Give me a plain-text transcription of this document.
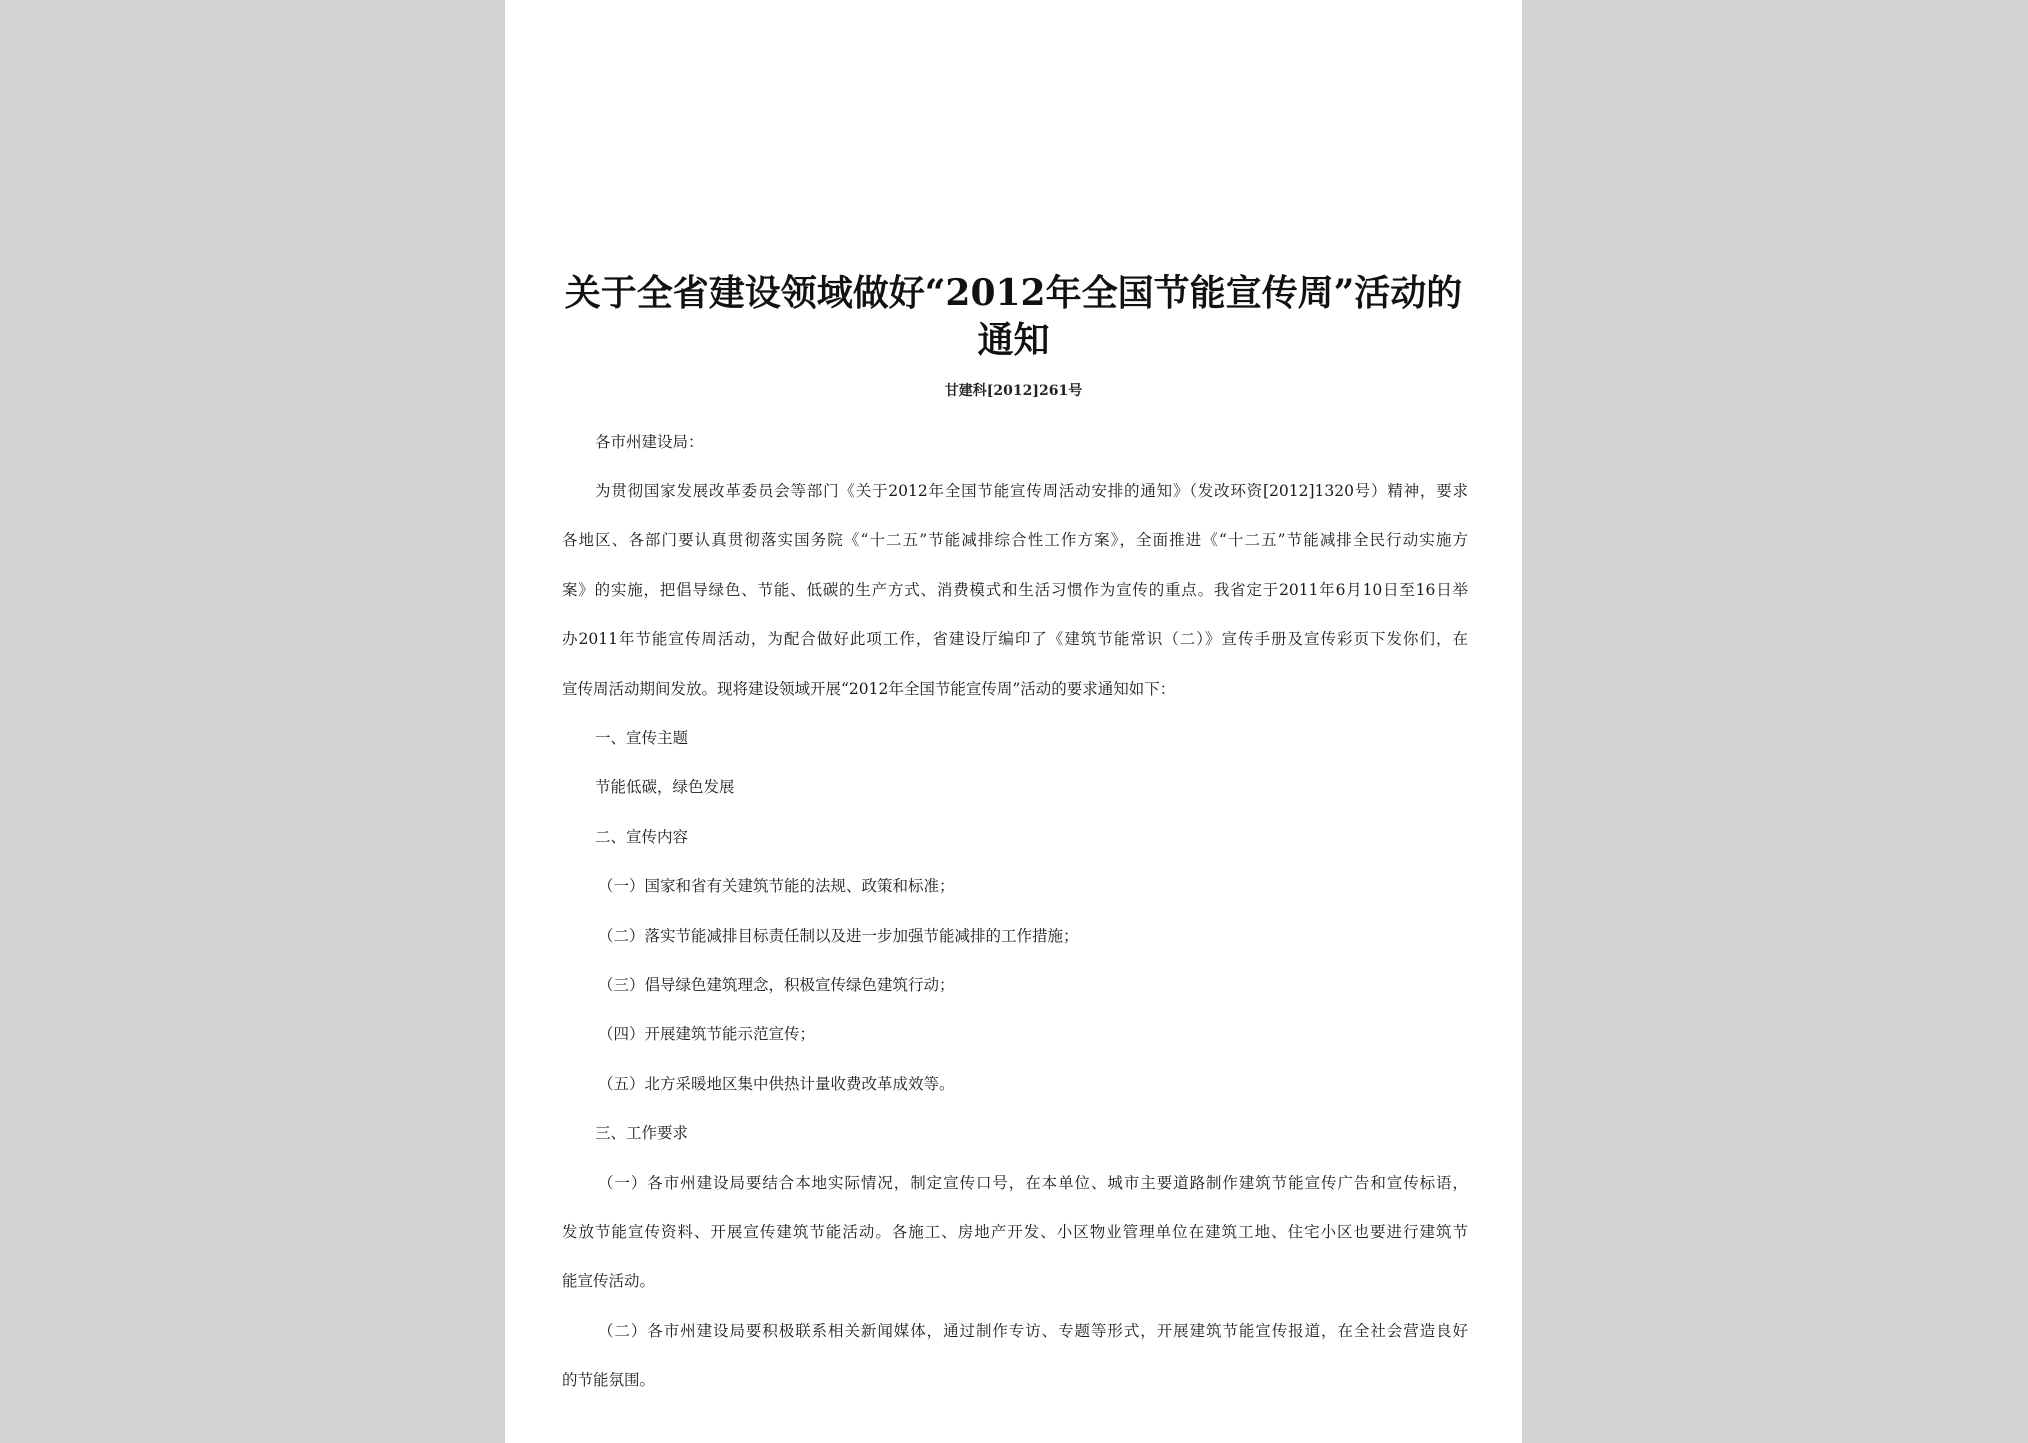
关于全省建设领域做好“2012年全国节能宣传周”活动的
通知
甘建科[2012]261号
各市州建设局：
为贯彻国家发展改革委员会等部门《关于2012年全国节能宣传周活动安排的通知》（发改环资[2012]1320号）精神，要求
各地区、各部门要认真贯彻落实国务院《“十二五”节能减排综合性工作方案》，全面推进《“十二五”节能减排全民行动实施方
案》的实施，把倡导绿色、节能、低碳的生产方式、消费模式和生活习惯作为宣传的重点。我省定于2011年6月10日至16日举
办2011年节能宣传周活动，为配合做好此项工作，省建设厅编印了《建筑节能常识（二）》宣传手册及宣传彩页下发你们，在
宣传周活动期间发放。现将建设领域开展“2012年全国节能宣传周”活动的要求通知如下：
一、宣传主题
节能低碳，绿色发展
二、宣传内容
（一）国家和省有关建筑节能的法规、政策和标准；
（二）落实节能减排目标责任制以及进一步加强节能减排的工作措施；
（三）倡导绿色建筑理念，积极宣传绿色建筑行动；
（四）开展建筑节能示范宣传；
（五）北方采暖地区集中供热计量收费改革成效等。
三、工作要求
（一）各市州建设局要结合本地实际情况，制定宣传口号，在本单位、城市主要道路制作建筑节能宣传广告和宣传标语，
发放节能宣传资料、开展宣传建筑节能活动。各施工、房地产开发、小区物业管理单位在建筑工地、住宅小区也要进行建筑节
能宣传活动。
（二）各市州建设局要积极联系相关新闻媒体，通过制作专访、专题等形式，开展建筑节能宣传报道，在全社会营造良好
的节能氛围。
